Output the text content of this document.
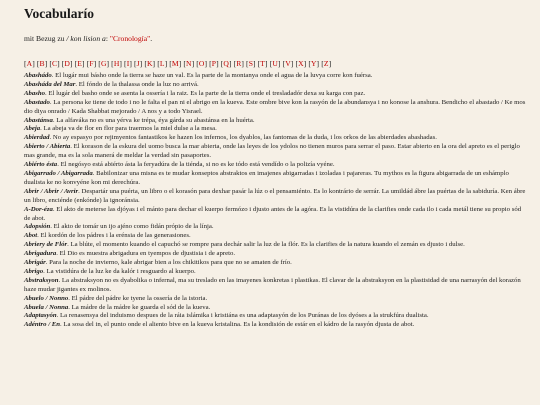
Vocabularío
mit Bezug zu / kon lision a: "Cronología".
[A] [B] [C] [D] [E] [F] [G] [H] [I] [J] [K] [L] [M] [N] [O] [P] [Q] [R] [S] [T] [U] [V] [X] [Y] [Z]

Abashádo. El lugár mui básho onde la tierra se haze un val. Es la parte de la montanya onde el agua de la luvya corre kon fuérsa.

Abasháda del Mar. El fóndo de la thalassa onde la luz no arrivá.

Abasho. El lugár del basho onde se asenta la ossería i la raiz. Es la parte de la tierra onde el tresladadór dexa su karga con paz.

Abastado. La persona ke tiene de todo i no le falta el pan ni el abrigo en la kueva. Este ombre bive kon la rasyón de la abundansya i no konose la anshura. Bendicho el abastado / Ke mos dio diya onrado / Kada Shabbat mejorado / A nos y a todo Yisrael.

Abastánsa. La alfaváka no es una yérva ke trépa, éya gárda su abastánsa en la huérta.

Abeja. La abeja va de flor en flor para traermos la miel dulse a la mesa.

Abierdad. No ay espasyo por rejimyentos fantastikos ke hazen los infernos, los dyablos, las fantomas de la duda, i los orkos de las abierdades abashadas.

Abierto / Abierta. El korason de la eskura del uomo busca la mar abierta, onde las leyes de los ydolos no tienen muros para serrar el paso. Estar abierto en la ora del apreto es el periglo mas grande, ma es la sola manerá de meldar la verdad sin pasaportes.

Abiérto ésta. El negósyo está abiérto ásta la feryadúra de la tiénda, si no es ke tódo está vendído o la polizía vyéne.

Abigarrado / Abigarrada. Babilonizar una misna es te mudar konseptos abstraktos en imajenes abigarradas i izoladas i pajareras. Tu mythos es la figura abigarrada de un eshámplo dualista ke no konvyéne kon mi derechúra.

Abrir / Abrir / Avrir. Despartár una puérta, un libro o el korasón para dexhar pasár la lúz o el pensamiénto. Es lo kontrário de serrár. La umildád ábre las puértas de la sabiduría. Ken ábre un libro, enciénde (enkónde) la ignoránsia.

A-Dor-éza. El akto de meterse las djóyas i el mánto para dechar el kuerpo fermózo i djusto antes de la agóra. Es la vistidúra de la clarifies onde cada ilo i cada metál tiene su propio sód de abot.

Adopsión. El akto de tomár un ijo ajéno como fidán própio de la línja.

Abot. El kordón de los pádres i la erénsia de las generasiones.

Abriery de Flór. La blúte, el momento kuando el capuchó se rompre para dechár salir la luz de la flór. Es la clarifies de la natura kuando el zemán es djusto i dulse.

Abrigadura. El Dio es muestra abrigadura en tyempos de djustisia i de apreto.

Abrigár. Para la noche de invierno, kale abrigar bien a los chikitikos para que no se amaten de frío.

Abrigo. La vistidúra de la luz ke da kalór i resguardo al kuerpo.

Abstraksyon. La abstraksyon no es dyabolika o infernal, ma su treslado en las imayenes konkretas i plastikas. El clavar de la abstraksyon en la plastisidad de una narrasyón del korazón haze mudar jigantes ex molinos.

Abuelo / Nonno. El pádre del pádre ke tyene la ossería de la istoria.

Abuela / Nonna. La mádre de la mádre ke guarda el sód de la kueva.

Adaptasyón. La renasensya del induismo despues de la ráia islámika i kristiána es una adaptasyón de los Puránas de los dyóses a la strukfúra dualista.

Adéntro / En. La sosa del in, el punto onde el aliento bive en la kueva kristalina. Es la kondisión de estár en el kádro de la rasyón djusta de abot.
